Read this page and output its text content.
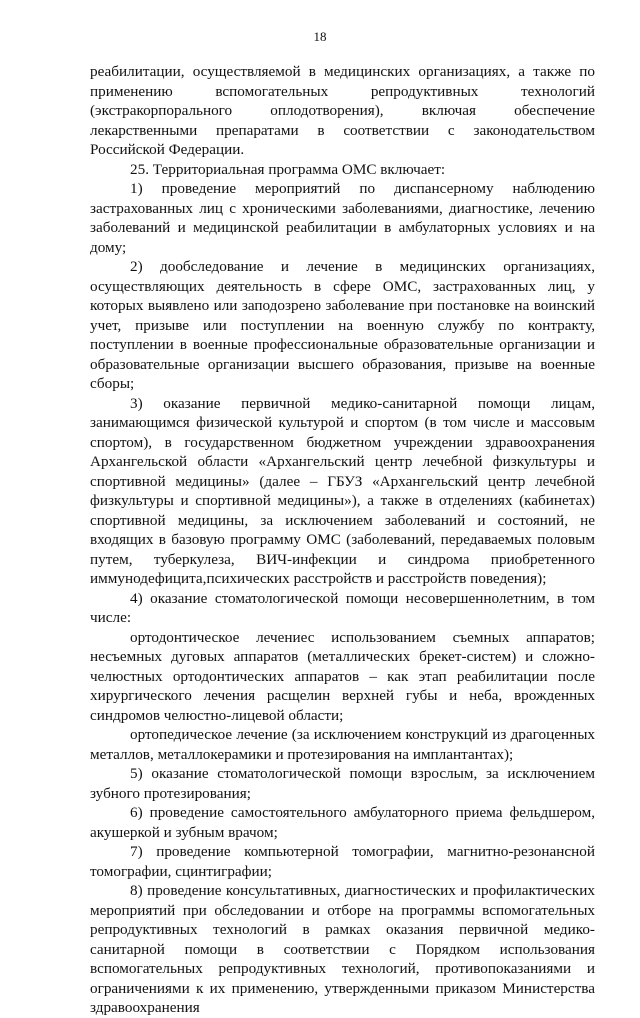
18

реабилитации, осуществляемой в медицинских организациях, а также по применению вспомогательных репродуктивных технологий (экстракорпорального оплодотворения), включая обеспечение лекарственными препаратами в соответствии с законодательством Российской Федерации.

25. Территориальная программа ОМС включает:

1) проведение мероприятий по диспансерному наблюдению застрахованных лиц с хроническими заболеваниями, диагностике, лечению заболеваний и медицинской реабилитации в амбулаторных условиях и на дому;

2) дообследование и лечение в медицинских организациях, осуществляющих деятельность в сфере ОМС, застрахованных лиц, у которых выявлено или заподозрено заболевание при постановке на воинский учет, призыве или поступлении на военную службу по контракту, поступлении в военные профессиональные образовательные организации и образовательные организации высшего образования, призыве на военные сборы;

3) оказание первичной медико-санитарной помощи лицам, занимающимся физической культурой и спортом (в том числе и массовым спортом), в государственном бюджетном учреждении здравоохранения Архангельской области «Архангельский центр лечебной физкультуры и спортивной медицины» (далее – ГБУЗ «Архангельский центр лечебной физкультуры и спортивной медицины»), а также в отделениях (кабинетах) спортивной медицины, за исключением заболеваний и состояний, не входящих в базовую программу ОМС (заболеваний, передаваемых половым путем, туберкулеза, ВИЧ-инфекции и синдрома приобретенного иммунодефицита,психических расстройств и расстройств поведения);

4) оказание стоматологической помощи несовершеннолетним, в том числе:

ортодонтическое лечениес использованием съемных аппаратов; несъемных дуговых аппаратов (металлических брекет-систем) и сложно-челюстных ортодонтических аппаратов – как этап реабилитации после хирургического лечения расщелин верхней губы и неба, врожденных синдромов челюстно-лицевой области;

ортопедическое лечение (за исключением конструкций из драгоценных металлов, металлокерамики и протезирования на имплантантах);

5) оказание стоматологической помощи взрослым, за исключением зубного протезирования;

6) проведение самостоятельного амбулаторного приема фельдшером, акушеркой и зубным врачом;

7) проведение компьютерной томографии, магнитно-резонансной томографии, сцинтиграфии;

8) проведение консультативных, диагностических и профилактических мероприятий при обследовании и отборе на программы вспомогательных репродуктивных технологий в рамках оказания первичной медико-санитарной помощи в соответствии с Порядком использования вспомогательных репродуктивных технологий, противопоказаниями и ограничениями к их применению, утвержденными приказом Министерства здравоохранения
